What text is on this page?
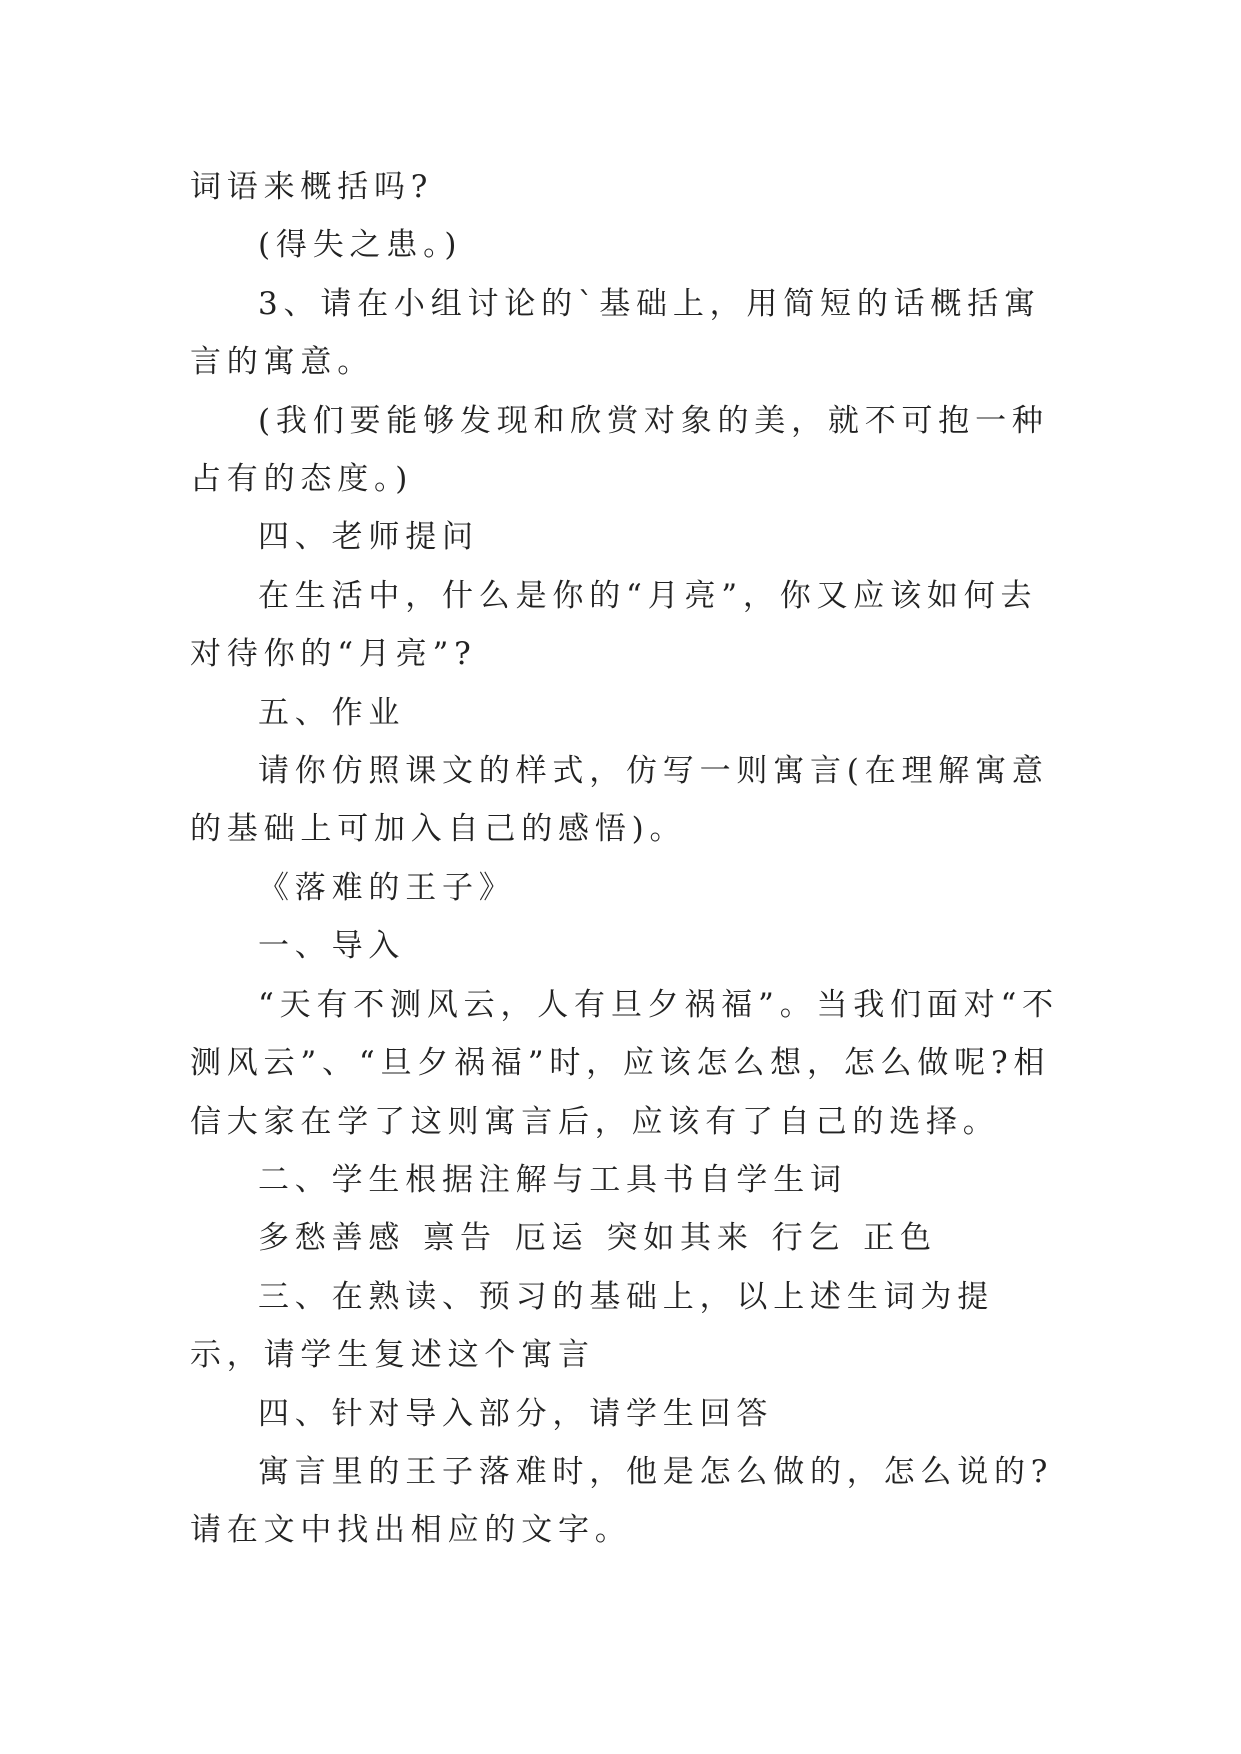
词语来概括吗?

(得失之患。)

3、请在小组讨论的`基础上，用简短的话概括寓言的寓意。

(我们要能够发现和欣赏对象的美，就不可抱一种占有的态度。)

四、老师提问

在生活中，什么是你的“月亮”，你又应该如何去对待你的“月亮”?

五、作业

请你仿照课文的样式，仿写一则寓言(在理解寓意的基础上可加入自己的感悟)。

《落难的王子》

一、导入

“天有不测风云，人有旦夕祸福”。当我们面对“不测风云”、“旦夕祸福”时，应该怎么想，怎么做呢?相信大家在学了这则寓言后，应该有了自己的选择。

二、学生根据注解与工具书自学生词

多愁善感 禀告 厄运 突如其来 行乞 正色

三、在熟读、预习的基础上，以上述生词为提示，请学生复述这个寓言

四、针对导入部分，请学生回答

寓言里的王子落难时，他是怎么做的，怎么说的?请在文中找出相应的文字。
